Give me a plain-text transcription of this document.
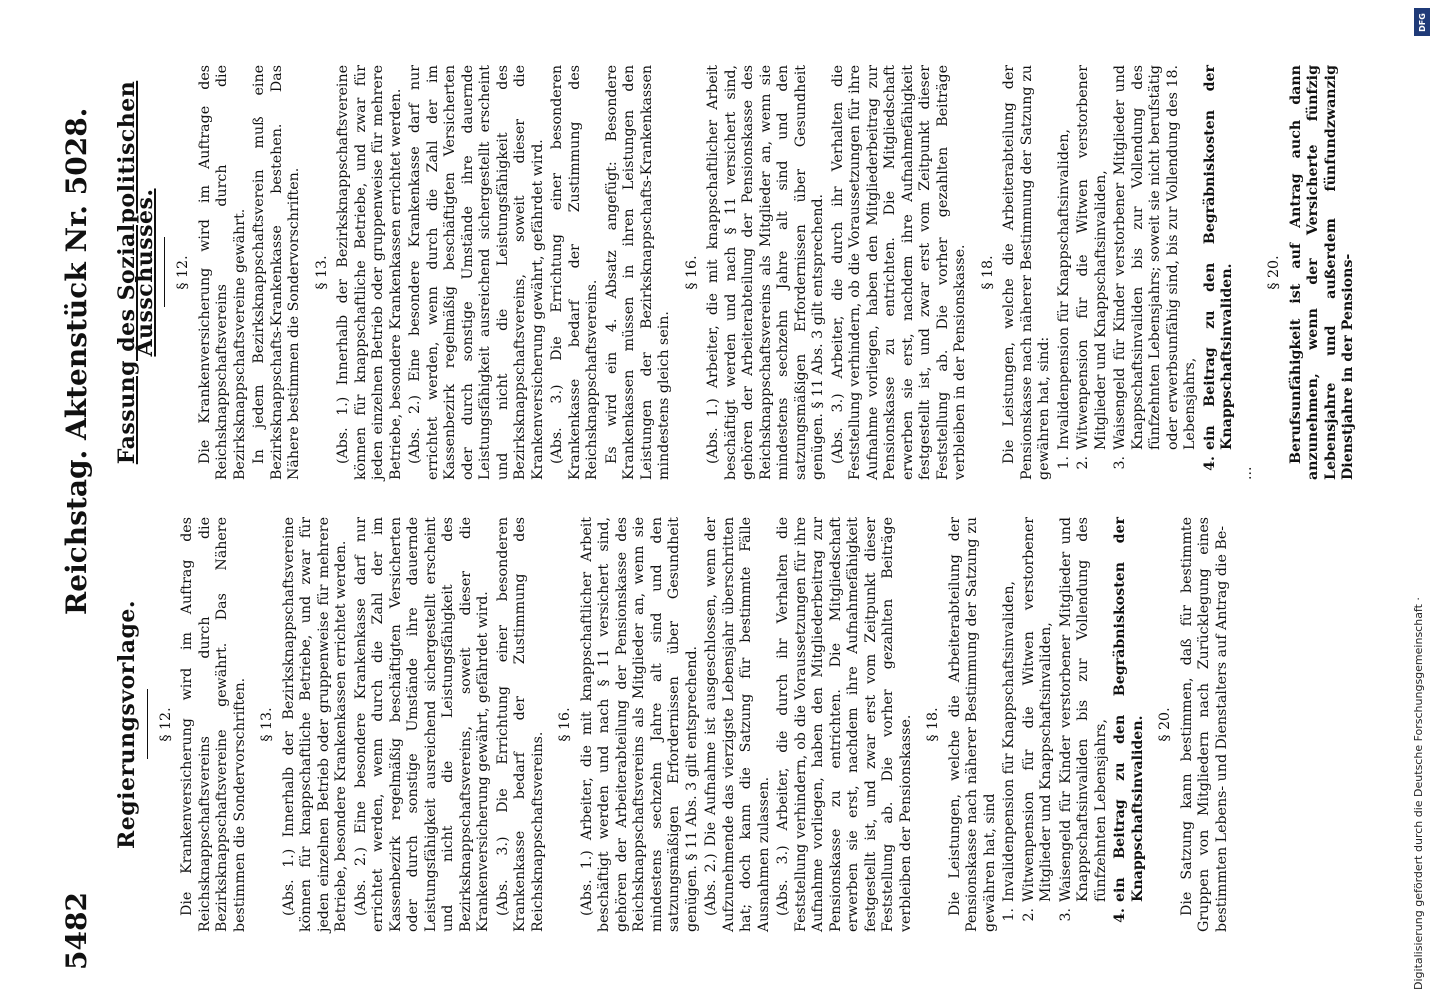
5482
Reichstag.
Aktenstück Nr. 5028.
Regierungsvorlage. § 12. Die Krankenversicherung wird im Auftrag des Reichsknappschaftsvereins durch die Bezirksknappschaftsvereine gewährt. Das Nähere bestimmen die Sondervorschriften. § 13. (Abs. 1.) Innerhalb der Bezirksknappschaftsvereine können für knappschaftliche Betriebe, und zwar für jeden einzelnen Betrieb oder gruppenweise für mehrere Betriebe, besondere Krankenkassen errichtet werden. (Abs. 2.) Eine besondere Krankenkasse darf nur errichtet werden, wenn durch die Zahl der im Kassenbezirk regelmäßig beschäftigten Versicherten oder durch sonstige Umstände ihre dauernde Leistungsfähigkeit ausreichend sichergestellt erscheint und nicht die Leistungsfähigkeit des Bezirksknappschaftsvereins, soweit dieser die Krankenversicherung gewährt, gefährdet wird. (Abs. 3.) Die Errichtung einer besonderen Krankenkasse bedarf der Zustimmung des Reichsknappschaftsvereins.

§ 16. (Abs. 1.) Arbeiter, die mit knappschaftlicher Arbeit beschäftigt werden und nach § 11 versichert sind, gehören der Arbeiterabteilung der Pensionskasse des Reichsknappschaftsvereins als Mitglieder an, wenn sie mindestens sechzehn Jahre alt sind und den satzungsmäßigen Erfordernissen über Gesundheit genügen. § 11 Abs. 3 gilt entsprechend. (Abs. 2.) Die Aufnahme ist ausgeschlossen, wenn der Aufzunehmende das vierzigste Lebensjahr überschritten hat; doch kann die Satzung für bestimmte Fälle Ausnahmen zulassen. (Abs. 3.) Arbeiter, die durch ihr Verhalten die Feststellung verhindern, ob die Voraussetzungen für ihre Aufnahme vorliegen, haben den Mitgliederbeitrag zur Pensionskasse zu entrichten. Die Mitgliedschaft erwerben sie erst, nachdem ihre Aufnahmefähigkeit festgestellt ist, und zwar erst vom Zeitpunkt dieser Feststellung ab. Die vorher gezahlten Beiträge verbleiben der Pensionskasse. § 18. Die Leistungen, welche die Arbeiterabteilung der Pensionskasse nach näherer Bestimmung der Satzung zu gewähren hat, sind 1.
Invalidenpension für Knappschaftsinvaliden,
2.
Witwenpension für die Witwen verstorbener Mitglieder und Knappschaftsinvaliden,
3.
Waisengeld für Kinder verstorbener Mitglieder und Knappschaftsinvaliden bis zur Vollendung des fünfzehnten Lebensjahrs,
4.
ein Beitrag zu den Begräbniskosten der Knappschaftsinvaliden. § 20. Die Satzung kann bestimmen, daß für bestimmte Gruppen von Mitgliedern nach Zurücklegung eines bestimmten Lebens- und Dienstalters auf Antrag die Be-

Fassung des Sozialpolitischen Ausschusses. § 12. Die Krankenversicherung wird im Auftrage des Reichsknappschaftsvereins durch die Bezirksknappschaftsvereine gewährt. In jedem Bezirksknappschaftsverein muß eine Bezirksknappschafts-Krankenkasse bestehen. Das Nähere bestimmen die Sondervorschriften. § 13. (Abs. 1.) Innerhalb der Bezirksknappschaftsvereine können für knappschaftliche Betriebe, und zwar für jeden einzelnen Betrieb oder gruppenweise für mehrere Betriebe, besondere Krankenkassen errichtet werden. (Abs. 2.) Eine besondere Krankenkasse darf nur errichtet werden, wenn durch die Zahl der im Kassenbezirk regelmäßig beschäftigten Versicherten oder durch sonstige Umstände ihre dauernde Leistungsfähigkeit ausreichend sichergestellt erscheint und nicht die Leistungsfähigkeit des Bezirksknappschaftsvereins, soweit dieser die Krankenversicherung gewährt, gefährdet wird. (Abs. 3.) Die Errichtung einer besonderen Krankenkasse bedarf der Zustimmung des Reichsknappschaftsvereins. Es wird ein 4. Absatz angefügt: Besondere Krankenkassen müssen in ihren Leistungen den Leistungen der Bezirksknappschafts-Krankenkassen mindestens gleich sein.

§ 16. (Abs. 1.) Arbeiter, die mit knappschaftlicher Arbeit beschäftigt werden und nach § 11 versichert sind, gehören der Arbeiterabteilung der Pensionskasse des Reichsknappschaftsvereins als Mitglieder an, wenn sie mindestens sechzehn Jahre alt sind und den satzungsmäßigen Erfordernissen über Gesundheit genügen. § 11 Abs. 3 gilt entsprechend. (Abs. 3.) Arbeiter, die durch ihr Verhalten die Feststellung verhindern, ob die Voraussetzungen für ihre Aufnahme vorliegen, haben den Mitgliederbeitrag zur Pensionskasse zu entrichten. Die Mitgliedschaft erwerben sie erst, nachdem ihre Aufnahmefähigkeit festgestellt ist, und zwar erst vom Zeitpunkt dieser Feststellung ab. Die vorher gezahlten Beiträge verbleiben in der Pensionskasse. § 18. Die Leistungen, welche die Arbeiterabteilung der Pensionskasse nach näherer Bestimmung der Satzung zu gewähren hat, sind: 1.
Invalidenpension für Knappschaftsinvaliden,
2.
Witwenpension für die Witwen verstorbener Mitglieder und Knappschaftsinvaliden,
3.
Waisengeld für Kinder verstorbener Mitglieder und Knappschaftsinvaliden bis zur Vollendung des fünfzehnten Lebensjahrs; soweit sie nicht berufstätig oder erwerbsunfähig sind, bis zur Vollendung des 18. Lebensjahrs,
4.
ein Beitrag zu den Begräbniskosten der Knappschaftsinvaliden.
...
§ 20. Berufsunfähigkeit ist auf Antrag auch dann anzunehmen, wenn der Versicherte fünfzig Lebensjahre und außerdem fünfundzwanzig Dienstjahre in der Pensions-

DFG
Digitalisierung gefördert durch die Deutsche Forschungsgemeinschaft ·
